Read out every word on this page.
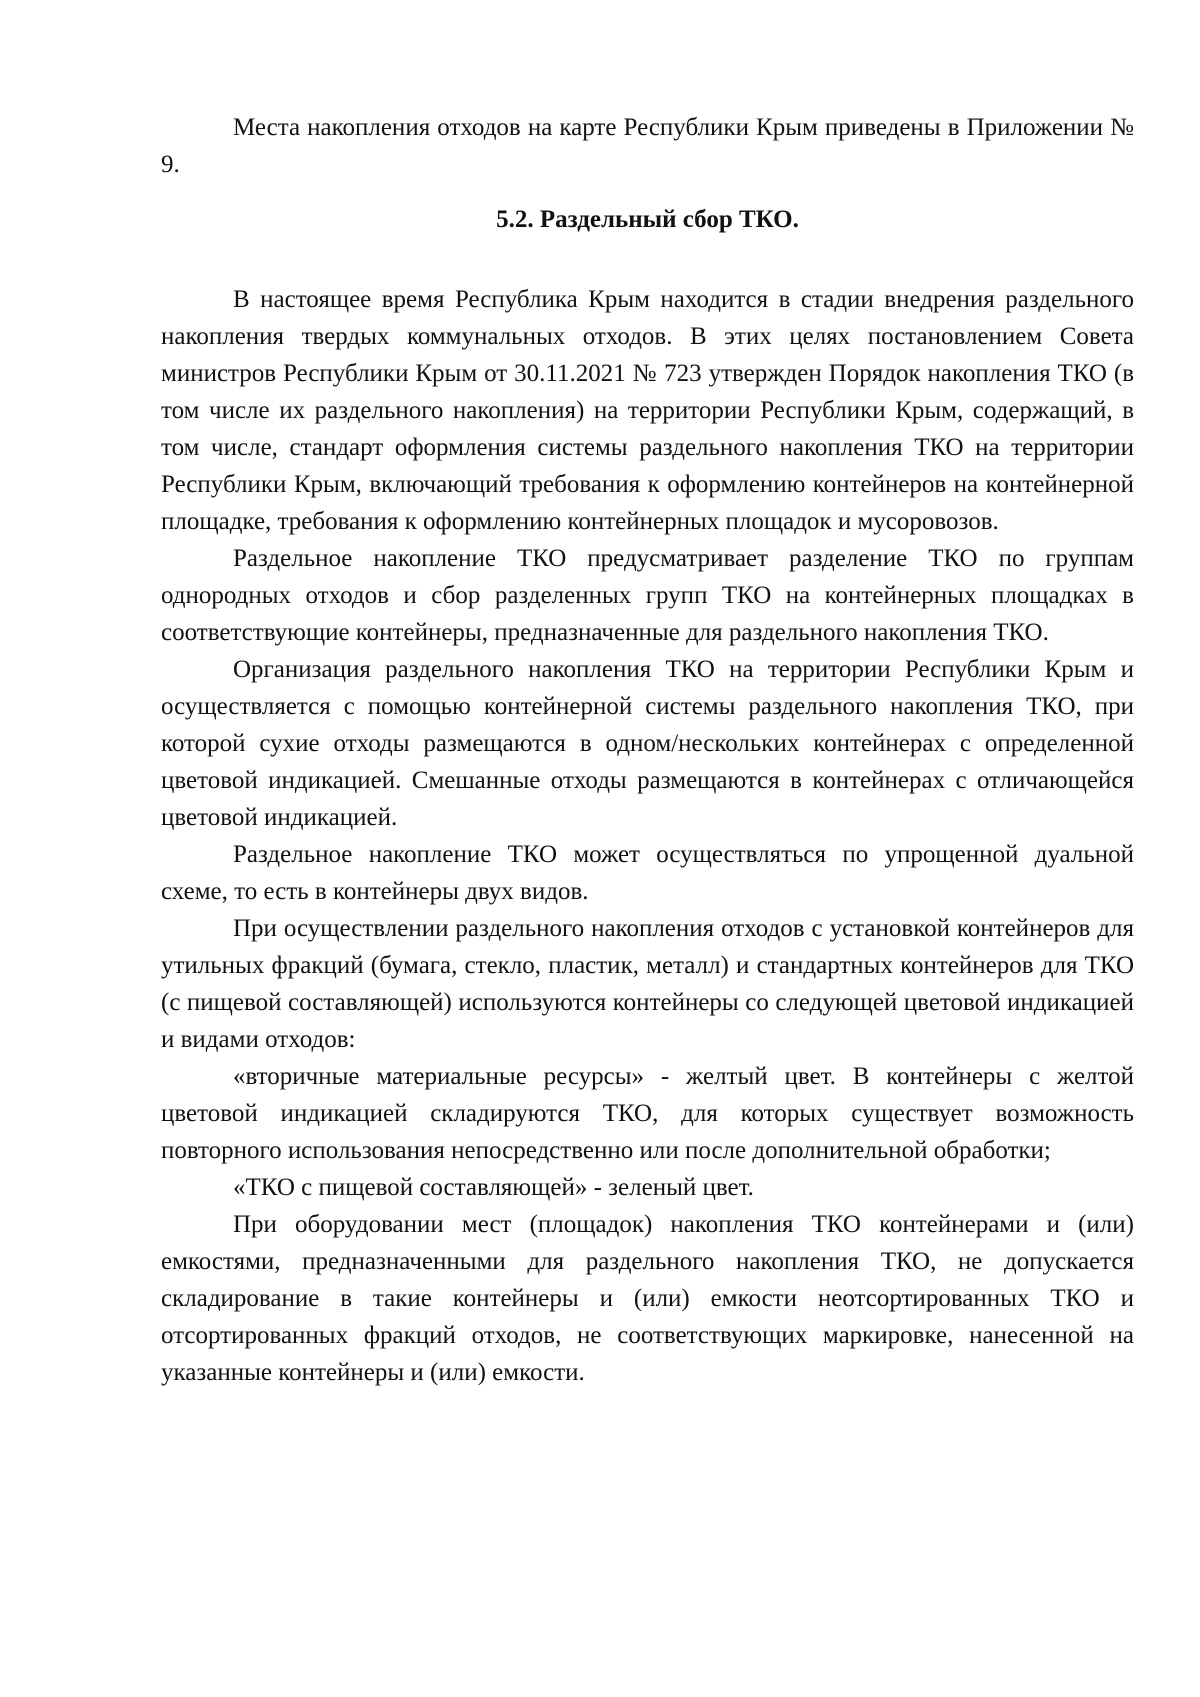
Места накопления отходов на карте Республики Крым приведены в Приложении № 9.

5.2. Раздельный сбор ТКО.

В настоящее время Республика Крым находится в стадии внедрения раздельного накопления твердых коммунальных отходов. В этих целях постановлением Совета министров Республики Крым от 30.11.2021 № 723 утвержден Порядок накопления ТКО (в том числе их раздельного накопления) на территории Республики Крым, содержащий, в том числе, стандарт оформления системы раздельного накопления ТКО на территории Республики Крым, включающий требования к оформлению контейнеров на контейнерной площадке, требования к оформлению контейнерных площадок и мусоровозов.

Раздельное накопление ТКО предусматривает разделение ТКО по группам однородных отходов и сбор разделенных групп ТКО на контейнерных площадках в соответствующие контейнеры, предназначенные для раздельного накопления ТКО.

Организация раздельного накопления ТКО на территории Республики Крым и осуществляется с помощью контейнерной системы раздельного накопления ТКО, при которой сухие отходы размещаются в одном/нескольких контейнерах с определенной цветовой индикацией. Смешанные отходы размещаются в контейнерах с отличающейся цветовой индикацией.

Раздельное накопление ТКО может осуществляться по упрощенной дуальной схеме, то есть в контейнеры двух видов.

При осуществлении раздельного накопления отходов с установкой контейнеров для утильных фракций (бумага, стекло, пластик, металл) и стандартных контейнеров для ТКО (с пищевой составляющей) используются контейнеры со следующей цветовой индикацией и видами отходов:

«вторичные материальные ресурсы» - желтый цвет. В контейнеры с желтой цветовой индикацией складируются ТКО, для которых существует возможность повторного использования непосредственно или после дополнительной обработки;

«ТКО с пищевой составляющей» - зеленый цвет.

При оборудовании мест (площадок) накопления ТКО контейнерами и (или) емкостями, предназначенными для раздельного накопления ТКО, не допускается складирование в такие контейнеры и (или) емкости неотсортированных ТКО и отсортированных фракций отходов, не соответствующих маркировке, нанесенной на указанные контейнеры и (или) емкости.
